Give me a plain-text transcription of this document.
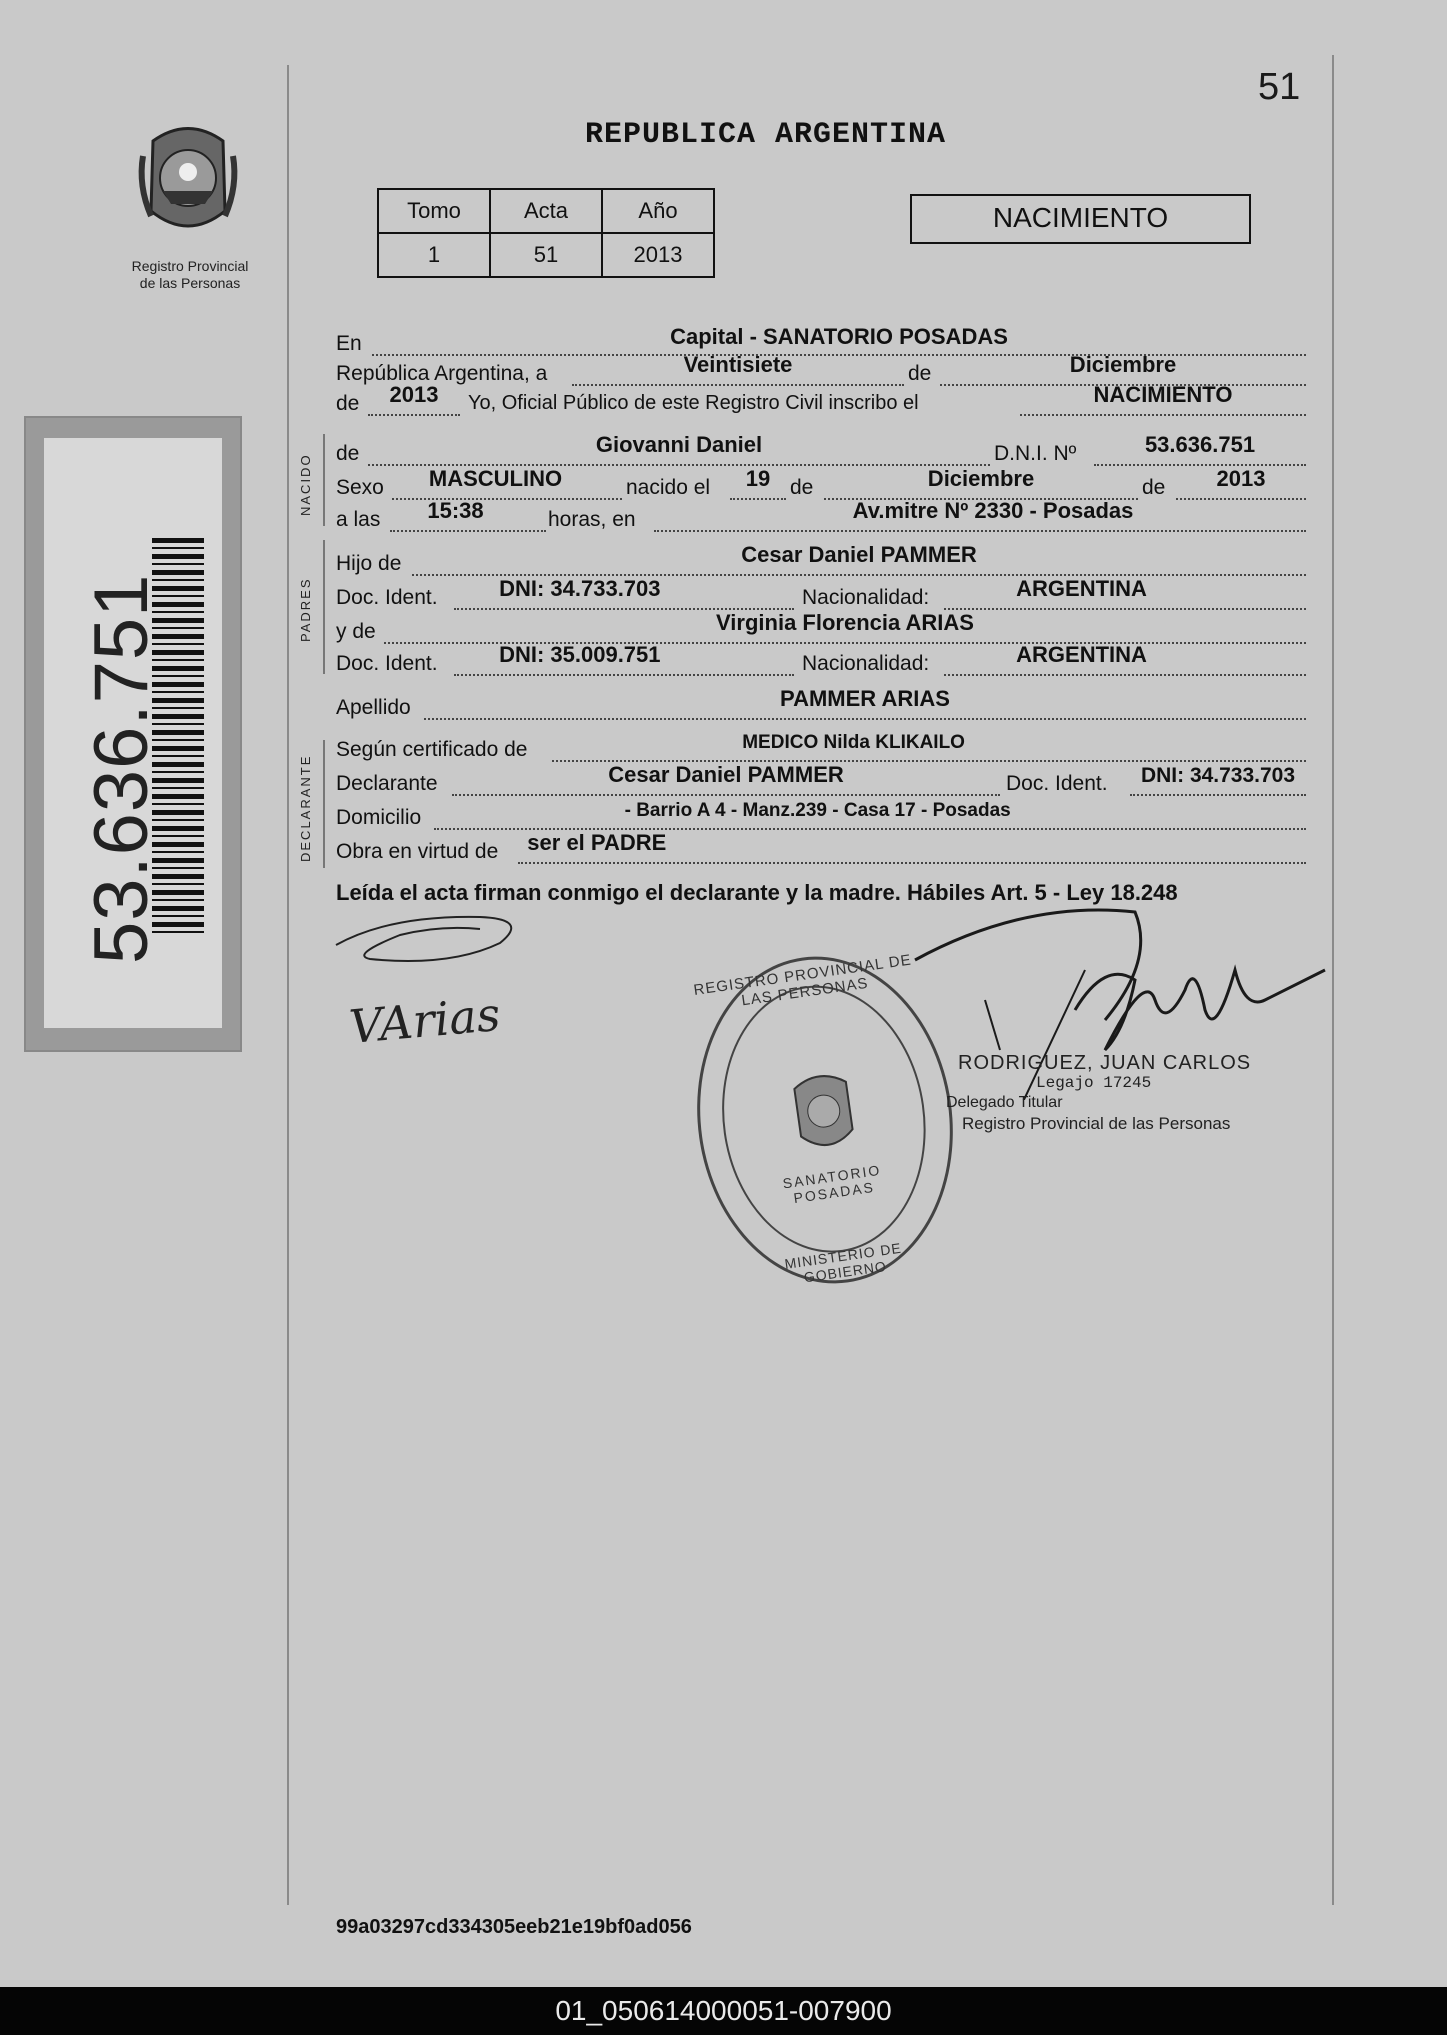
51
Registro Provincial
de las Personas
REPUBLICA ARGENTINA
Tomo	Acta	Año
1	51	2013
NACIMIENTO
53.636.751
NACIDO
PADRES
DECLARANTE
En	Capital - SANATORIO POSADAS
República Argentina, a	Veintisiete	de	Diciembre
de 2013 Yo, Oficial Público de este Registro Civil inscribo el	NACIMIENTO
de	Giovanni Daniel	D.N.I. Nº	53.636.751
Sexo MASCULINO	nacido el 19 de	Diciembre	de 2013
a las 15:38	horas, en	Av.mitre Nº 2330 - Posadas
Hijo de	Cesar Daniel PAMMER
Doc. Ident.	DNI: 34.733.703	Nacionalidad:	ARGENTINA
y de	Virginia Florencia ARIAS
Doc. Ident.	DNI: 35.009.751	Nacionalidad:	ARGENTINA
Apellido	PAMMER ARIAS
Según certificado de	MEDICO Nilda KLIKAILO
Declarante	Cesar Daniel PAMMER	Doc. Ident. DNI: 34.733.703
Domicilio	- Barrio A 4 - Manz.239 - Casa 17 - Posadas
Obra en virtud de ser el PADRE
Leída el acta firman conmigo el declarante y la madre. Hábiles Art. 5 - Ley 18.248
VArias
REGISTRO PROVINCIAL DE LAS PERSONAS
SANATORIO POSADAS
MINISTERIO DE GOBIERNO
RODRIGUEZ, JUAN CARLOS
Legajo 17245
Delegado Titular
Registro Provincial de las Personas
99a03297cd334305eeb21e19bf0ad056
01_050614000051-007900
